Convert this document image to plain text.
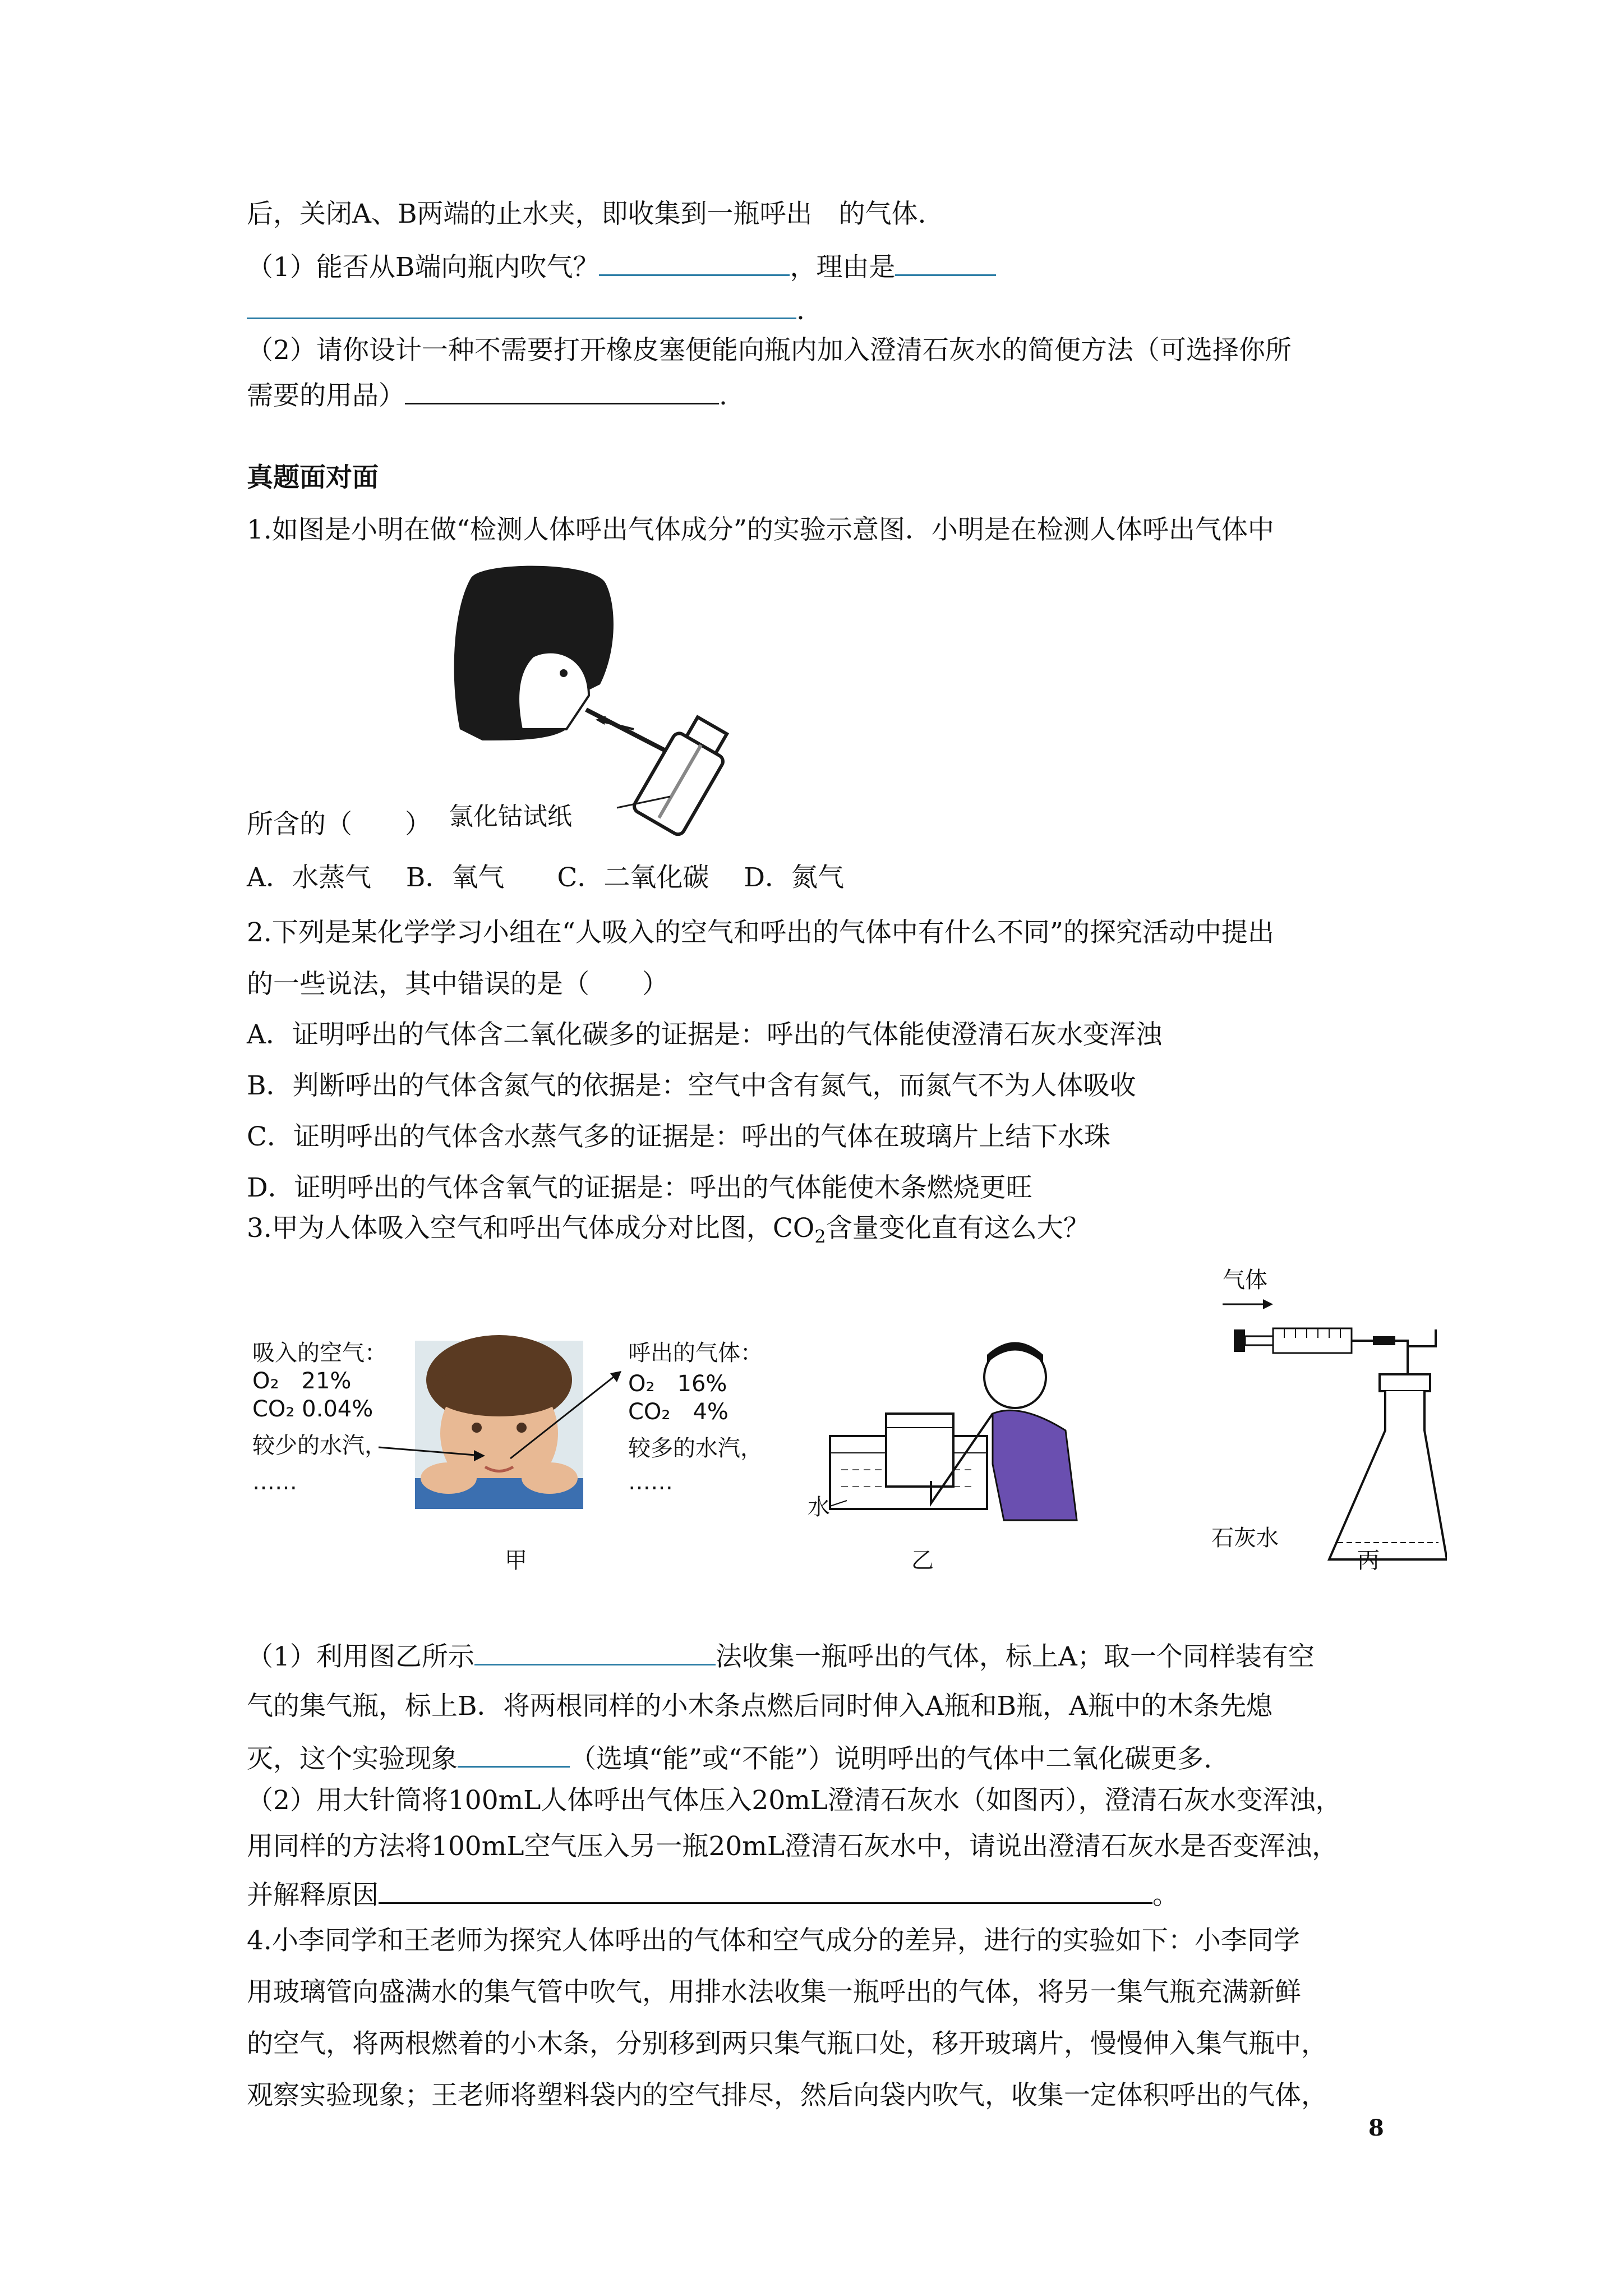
后，关闭A、B两端的止水夹，即收集到一瓶呼出　的气体.
（1）能否从B端向瓶内吹气？	，理由是
.
（2）请你设计一种不需要打开橡皮塞便能向瓶内加入澄清石灰水的简便方法（可选择你所
需要的用品）	.
真题面对面
1.如图是小明在做“检测人体呼出气体成分”的实验示意图．小明是在检测人体呼出气体中
氯化钴试纸
所含的（　　）
A．水蒸气　 B．氧气　　C．二氧化碳　 D．氮气
2.下列是某化学学习小组在“人吸入的空气和呼出的气体中有什么不同”的探究活动中提出
的一些说法，其中错误的是（　　）
A．证明呼出的气体含二氧化碳多的证据是：呼出的气体能使澄清石灰水变浑浊
B．判断呼出的气体含氮气的依据是：空气中含有氮气，而氮气不为人体吸收
C．证明呼出的气体含水蒸气多的证据是：呼出的气体在玻璃片上结下水珠
D．证明呼出的气体含氧气的证据是：呼出的气体能使木条燃烧更旺
3.甲为人体吸入空气和呼出气体成分对比图，$CO_2$含量变化直有这么大？
吸入的空气：
O₂　21%
CO₂ 0.04%
较少的水汽，
……
呼出的气体：
O₂　16%
CO₂　4%
较多的水汽，
……
甲
水
乙
气体
石灰水
丙
（1）利用图乙所示	法收集一瓶呼出的气体，标上A；取一个同样装有空
气的集气瓶，标上B．将两根同样的小木条点燃后同时伸入A瓶和B瓶，A瓶中的木条先熄
灭，这个实验现象	（选填“能”或“不能”）说明呼出的气体中二氧化碳更多.
（2）用大针筒将100mL人体呼出气体压入20mL澄清石灰水（如图丙），澄清石灰水变浑浊，
用同样的方法将100mL空气压入另一瓶20mL澄清石灰水中，请说出澄清石灰水是否变浑浊，
并解释原因	。
4.小李同学和王老师为探究人体呼出的气体和空气成分的差异，进行的实验如下：小李同学
用玻璃管向盛满水的集气管中吹气，用排水法收集一瓶呼出的气体，将另一集气瓶充满新鲜
的空气，将两根燃着的小木条，分别移到两只集气瓶口处，移开玻璃片，慢慢伸入集气瓶中，
观察实验现象；王老师将塑料袋内的空气排尽，然后向袋内吹气，收集一定体积呼出的气体，
8
